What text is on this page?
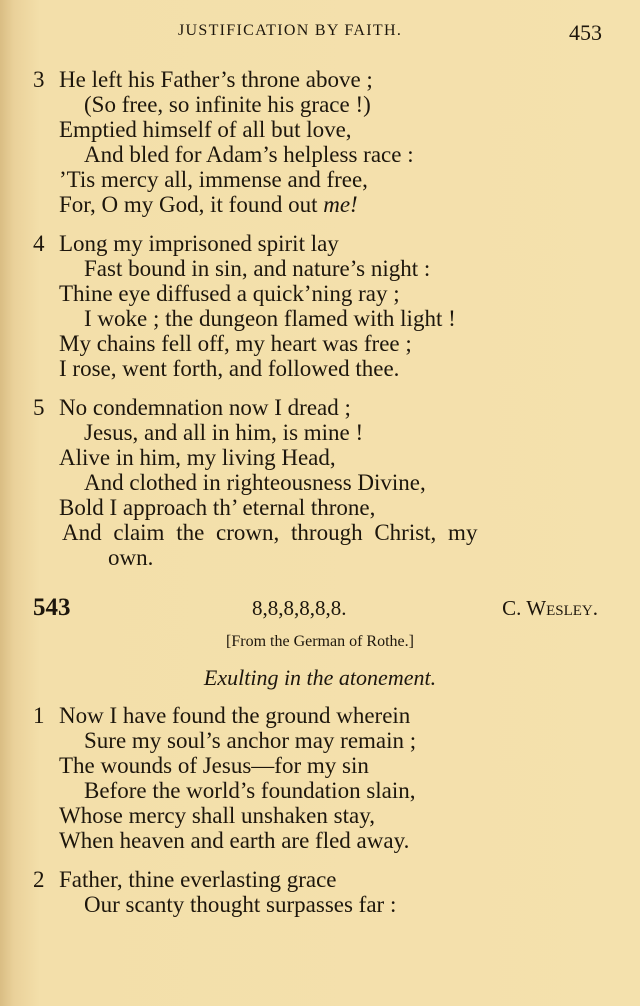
JUSTIFICATION BY FAITH.	453
3 He left his Father’s throne above ;
(So free, so infinite his grace !)
Emptied himself of all but love,
And bled for Adam’s helpless race :
’Tis mercy all, immense and free,
For, O my God, it found out me!
4 Long my imprisoned spirit lay
Fast bound in sin, and nature’s night :
Thine eye diffused a quick’ning ray ;
I woke ; the dungeon flamed with light !
My chains fell off, my heart was free ;
I rose, went forth, and followed thee.
5 No condemnation now I dread ;
Jesus, and all in him, is mine !
Alive in him, my living Head,
And clothed in righteousness Divine,
Bold I approach th’ eternal throne,
And claim the crown, through Christ, my
own.
543	8,8,8,8,8,8.	C. Wesley.
[From the German of Rothe.]
Exulting in the atonement.
1 Now I have found the ground wherein
Sure my soul’s anchor may remain ;
The wounds of Jesus—for my sin
Before the world’s foundation slain,
Whose mercy shall unshaken stay,
When heaven and earth are fled away.
2 Father, thine everlasting grace
Our scanty thought surpasses far :
